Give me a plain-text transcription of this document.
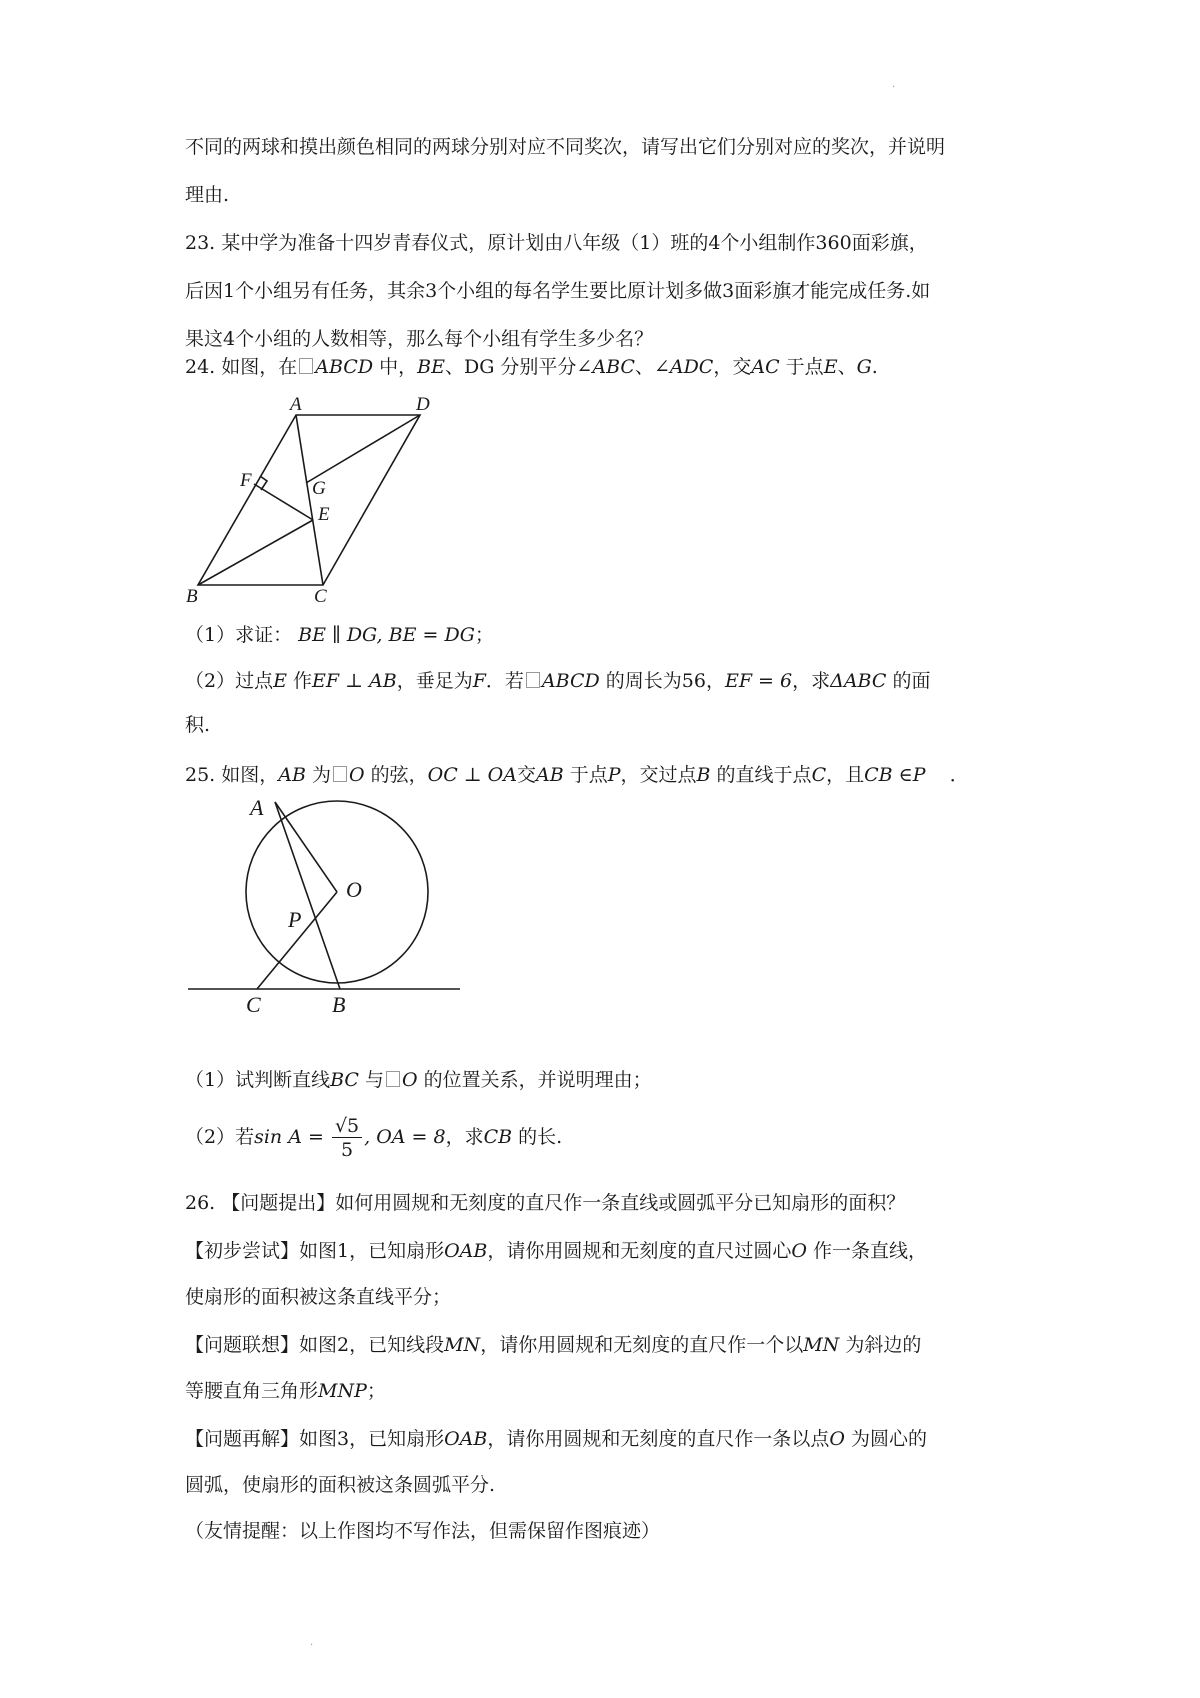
·
不同的两球和摸出颜色相同的两球分别对应不同奖次，请写出它们分别对应的奖次，并说明
理由.
23. 某中学为准备十四岁青春仪式，原计划由八年级（1）班的4个小组制作360面彩旗，
后因1个小组另有任务，其余3个小组的每名学生要比原计划多做3面彩旗才能完成任务.如
果这4个小组的人数相等，那么每个小组有学生多少名？
24. 如图，在 ABCD 中，BE、DG 分别平分∠ABC、∠ADC，交AC 于点E、G.
A	D
F	G
E
B	C
（1）求证： BE ∥ DG, BE = DG；
（2）过点E 作EF ⊥ AB，垂足为F．若 ABCD 的周长为56，EF = 6，求ΔABC 的面
积.
25. 如图，AB 为 O 的弦，OC ⊥ OA交AB 于点P，交过点B 的直线于点C，且CB ∈P ．
A
O
P
C	B
（1）试判断直线BC 与 O 的位置关系，并说明理由；
（2）若$\sin A = \frac{√5}{5}$ , OA = 8，求CB 的长.
26. 【问题提出】如何用圆规和无刻度的直尺作一条直线或圆弧平分已知扇形的面积？
【初步尝试】如图1，已知扇形OAB，请你用圆规和无刻度的直尺过圆心O 作一条直线，
使扇形的面积被这条直线平分；
【问题联想】如图2，已知线段MN，请你用圆规和无刻度的直尺作一个以MN 为斜边的
等腰直角三角形MNP；
【问题再解】如图3，已知扇形OAB，请你用圆规和无刻度的直尺作一条以点O 为圆心的
圆弧，使扇形的面积被这条圆弧平分.
（友情提醒：以上作图均不写作法，但需保留作图痕迹）
·
